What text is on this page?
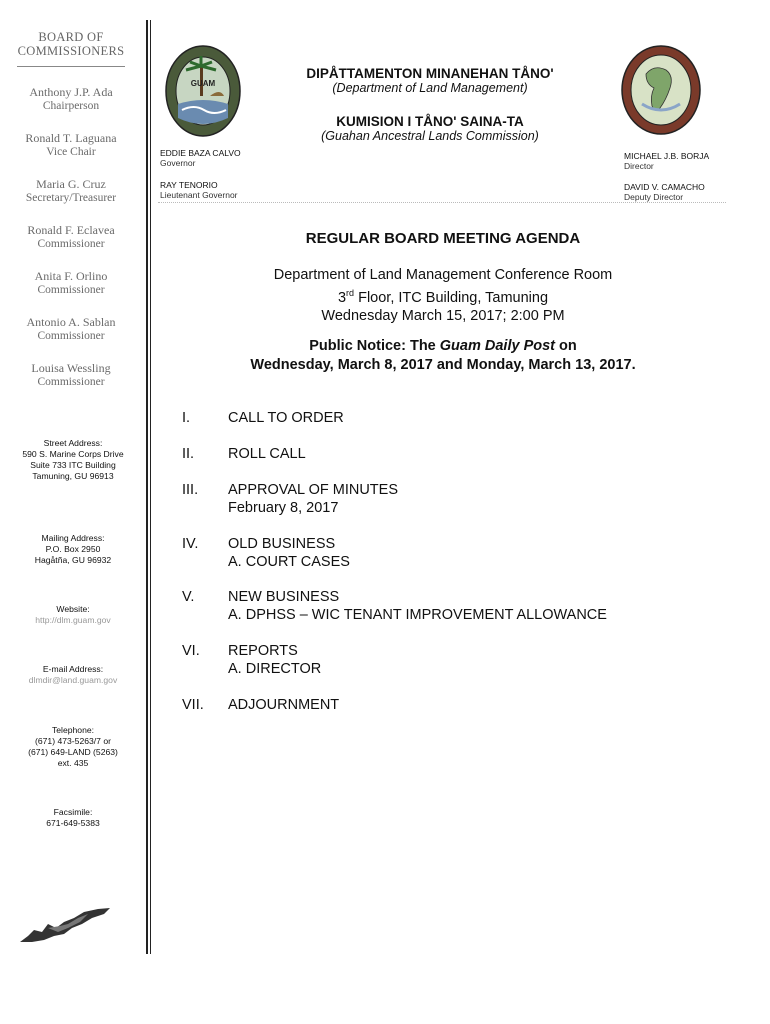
BOARD OF
COMMISSIONERS
Anthony J.P. Ada
Chairperson
Ronald T. Laguana
Vice Chair
Maria G. Cruz
Secretary/Treasurer
Ronald F. Eclavea
Commissioner
Anita F. Orlino
Commissioner
Antonio A. Sablan
Commissioner
Louisa Wessling
Commissioner
Street Address:
590 S. Marine Corps Drive
Suite 733 ITC Building
Tamuning, GU 96913
Mailing Address:
P.O. Box 2950
Hagåtña, GU 96932
Website:
http://dlm.guam.gov
E-mail Address:
dlmdir@land.guam.gov
Telephone:
(671) 473-5263/7 or
(671) 649-LAND (5263)
ext. 435
Facsimile:
671-649-5383
GUAM
DIPÅTTAMENTON MINANEHAN TÅNO'
(Department of Land Management)
KUMISION I TÅNO' SAINA-TA
(Guahan Ancestral Lands Commission)
EDDIE BAZA CALVO
Governor
RAY TENORIO
Lieutenant Governor
MICHAEL J.B. BORJA
Director
DAVID V. CAMACHO
Deputy Director
REGULAR BOARD MEETING AGENDA
Department of Land Management Conference Room
3rd Floor, ITC Building, Tamuning
Wednesday March 15, 2017; 2:00 PM
Public Notice: The Guam Daily Post on
Wednesday, March 8, 2017 and Monday, March 13, 2017.
I.	CALL TO ORDER
II. ROLL CALL
III. APPROVAL OF MINUTES
February 8, 2017
IV. OLD BUSINESS
A. COURT CASES
V. NEW BUSINESS
A. DPHSS – WIC TENANT IMPROVEMENT ALLOWANCE
VI. REPORTS
A. DIRECTOR
VII. ADJOURNMENT
